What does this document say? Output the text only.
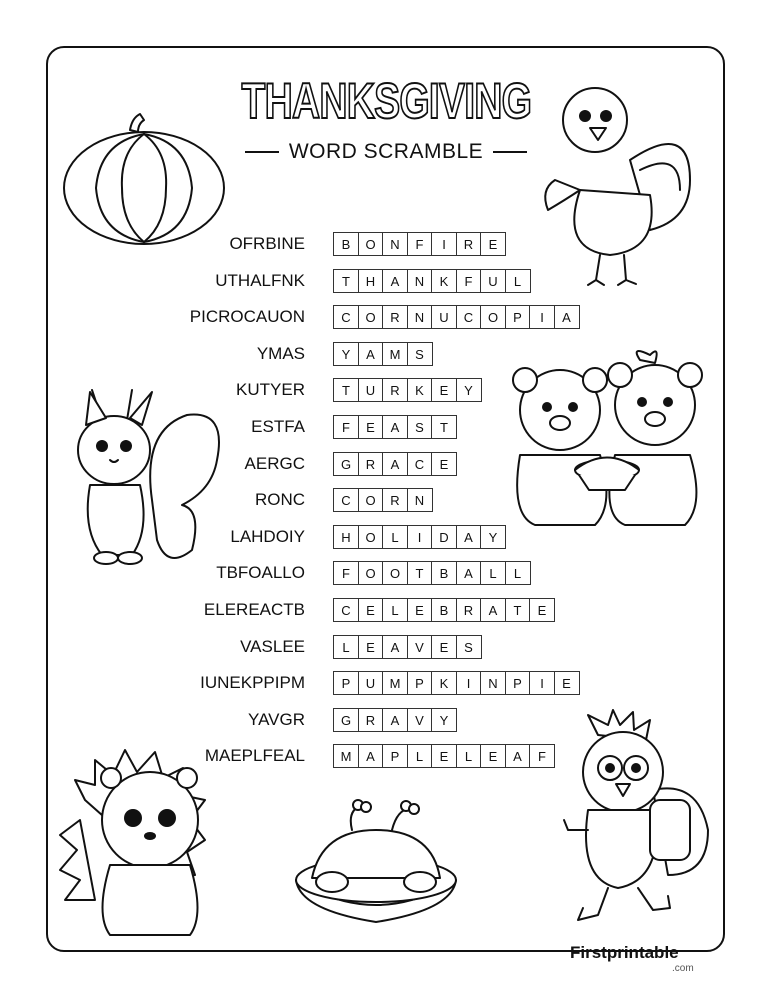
THANKSGIVING
WORD SCRAMBLE
OFRBINE	B	O	N	F	I	R	E
UTHALFNK	T	H	A	N	K	F	U	L
PICROCAUON	C	O	R	N	U	C	O	P	I	A
YMAS	Y	A	M	S
KUTYER	T	U	R	K	E	Y
ESTFA	F	E	A	S	T
AERGC	G	R	A	C	E
RONC	C	O	R	N
LAHDOIY	H	O	L	I	D	A	Y
TBFOALLO	F	O	O	T	B	A	L	L
ELEREACTB	C	E	L	E	B	R	A	T	E
VASLEE	L	E	A	V	E	S
IUNEKPPIPM	P	U	M	P	K	I	N	P	I	E
YAVGR	G	R	A	V	Y
MAEPLFEAL	M	A	P	L	E	L	E	A	F
Firstprintable
.com
